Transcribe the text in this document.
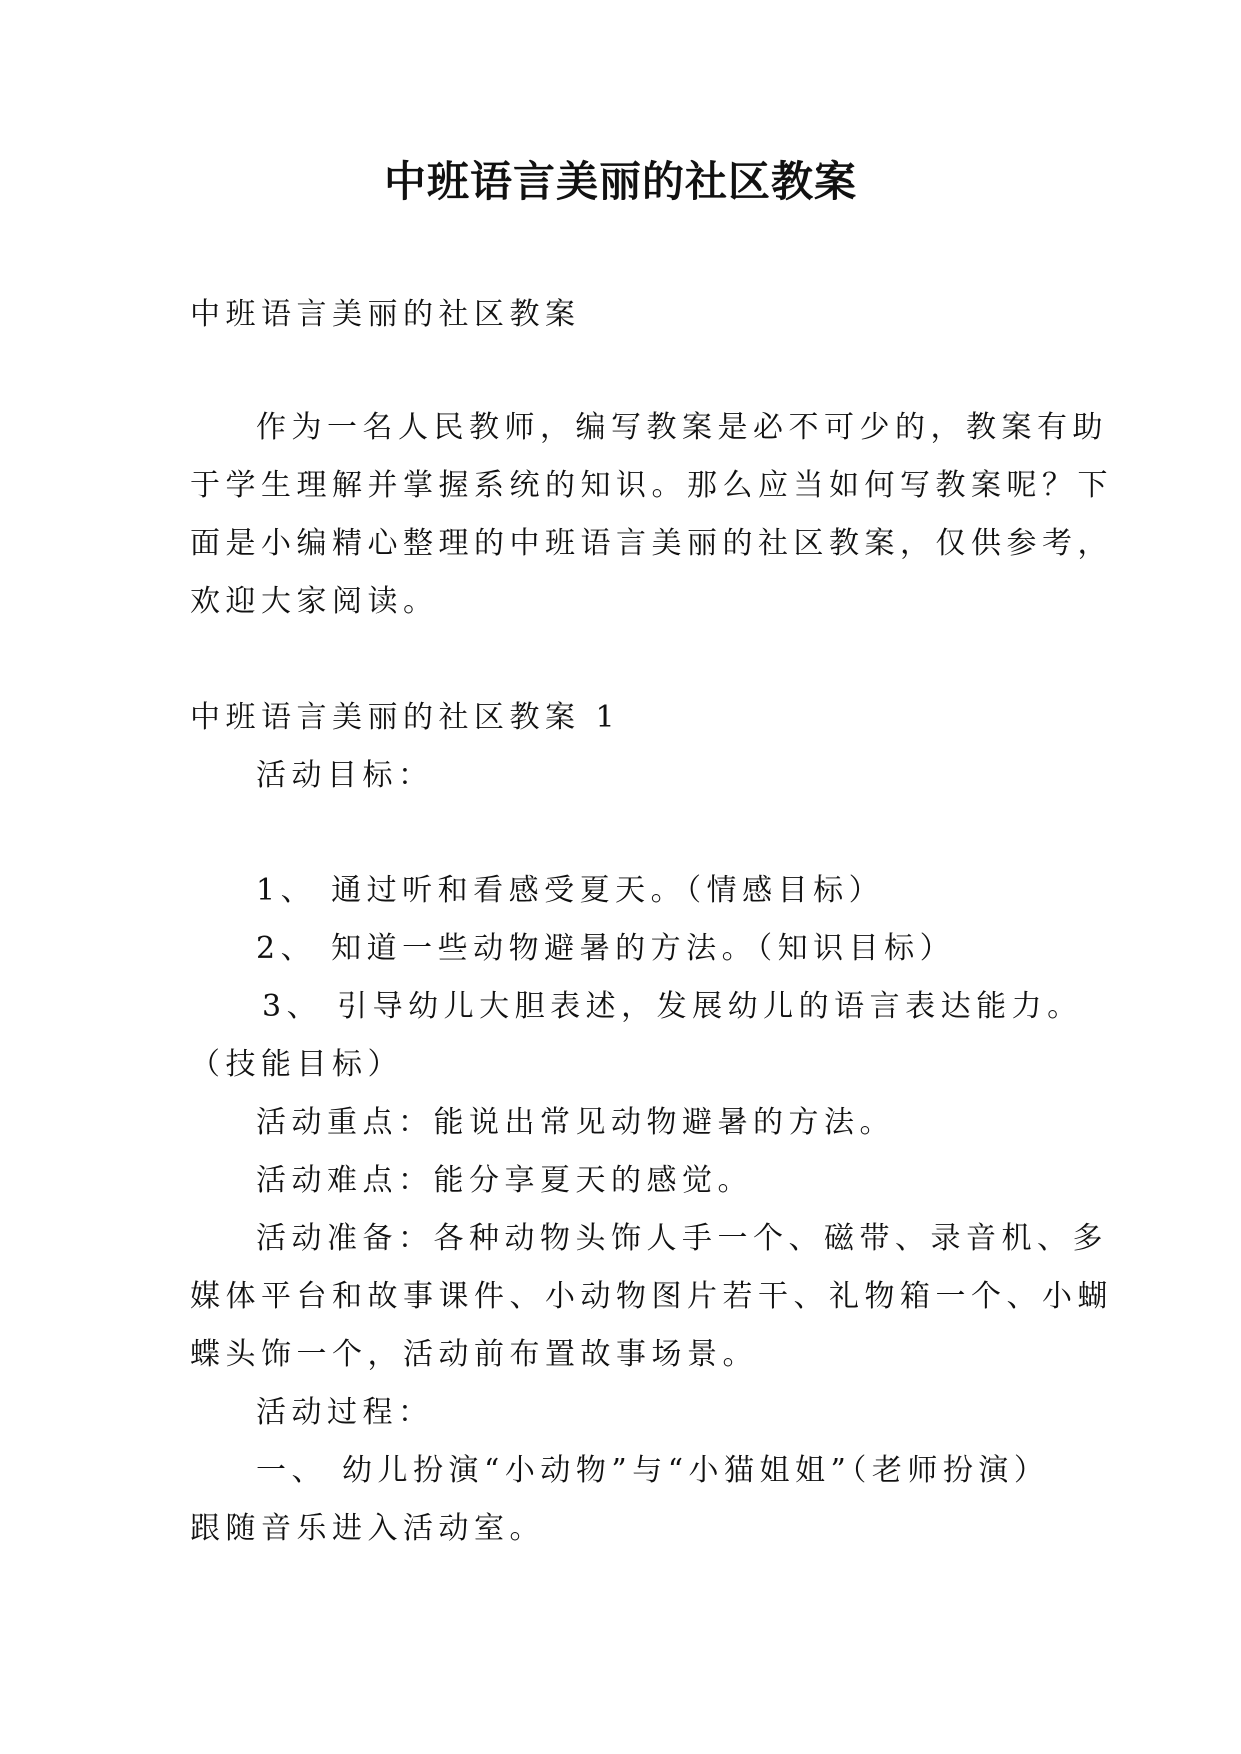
中班语言美丽的社区教案
中班语言美丽的社区教案
作为一名人民教师，编写教案是必不可少的，教案有助
于学生理解并掌握系统的知识。那么应当如何写教案呢？下
面是小编精心整理的中班语言美丽的社区教案，仅供参考，
欢迎大家阅读。
中班语言美丽的社区教案 1
活动目标：
1、 通过听和看感受夏天。（情感目标）
2、 知道一些动物避暑的方法。（知识目标）
3、 引导幼儿大胆表述，发展幼儿的语言表达能力。
（技能目标）
活动重点：能说出常见动物避暑的方法。
活动难点：能分享夏天的感觉。
活动准备：各种动物头饰人手一个、磁带、录音机、多
媒体平台和故事课件、小动物图片若干、礼物箱一个、小蝴
蝶头饰一个，活动前布置故事场景。
活动过程：
一、 幼儿扮演“小动物”与“小猫姐姐”（老师扮演）
跟随音乐进入活动室。
